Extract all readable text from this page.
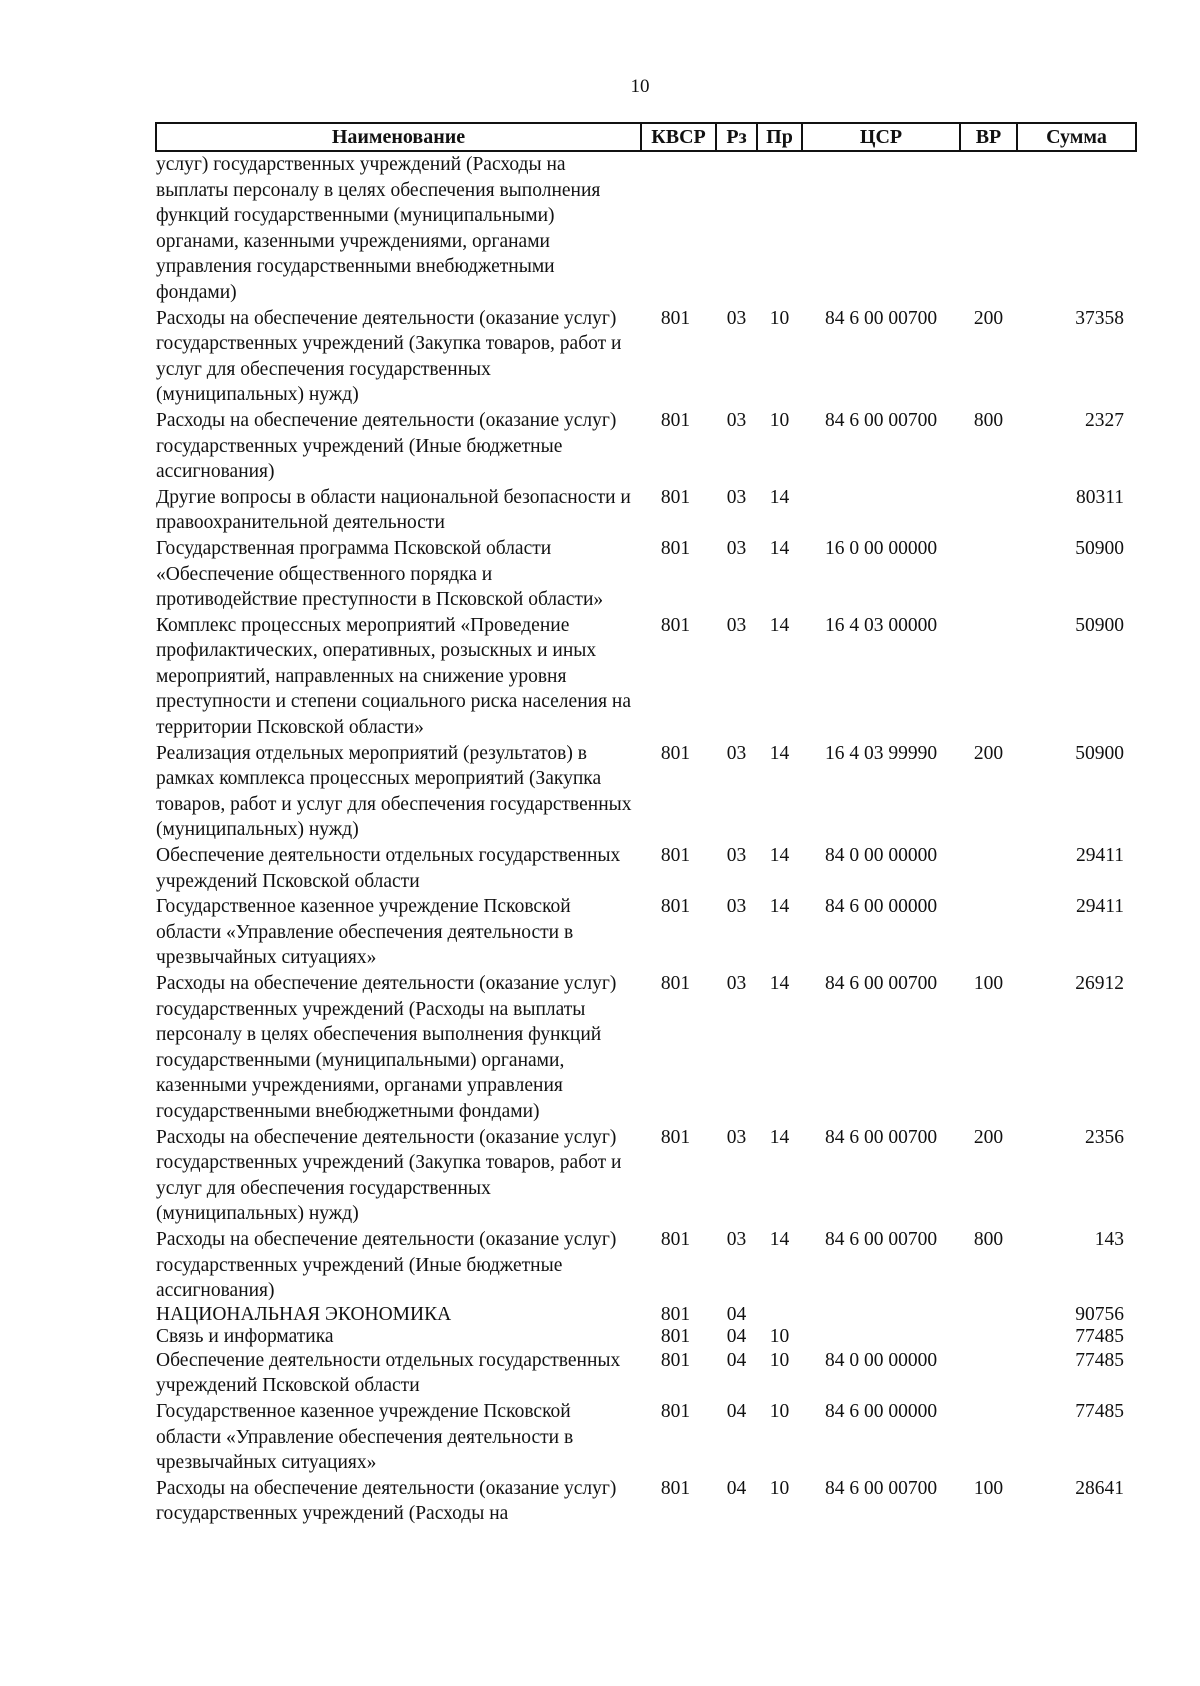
10
Наименование	КВСР	Рз	Пр	ЦСР	ВР	Сумма
услуг) государственных учреждений (Расходы на выплаты персоналу в целях обеспечения выполнения функций государственными (муниципальными) органами, казенными учреждениями, органами управления государственными внебюджетными фондами)						
Расходы на обеспечение деятельности (оказание услуг) государственных учреждений (Закупка товаров, работ и услуг для обеспечения государственных (муниципальных) нужд)	801	03	10	84 6 00 00700	200	37358
Расходы на обеспечение деятельности (оказание услуг) государственных учреждений (Иные бюджетные ассигнования)	801	03	10	84 6 00 00700	800	2327
Другие вопросы в области национальной безопасности и правоохранительной деятельности	801	03	14			80311
Государственная программа Псковской области «Обеспечение общественного порядка и противодействие преступности в Псковской области»	801	03	14	16 0 00 00000		50900
Комплекс процессных мероприятий «Проведение профилактических, оперативных, розыскных и иных мероприятий, направленных на снижение уровня преступности и степени социального риска населения на территории Псковской области»	801	03	14	16 4 03 00000		50900
Реализация отдельных мероприятий (результатов) в рамках комплекса процессных мероприятий (Закупка товаров, работ и услуг для обеспечения государственных (муниципальных) нужд)	801	03	14	16 4 03 99990	200	50900
Обеспечение деятельности отдельных государственных учреждений Псковской области	801	03	14	84 0 00 00000		29411
Государственное казенное учреждение Псковской области «Управление обеспечения деятельности в чрезвычайных ситуациях»	801	03	14	84 6 00 00000		29411
Расходы на обеспечение деятельности (оказание услуг) государственных учреждений (Расходы на выплаты персоналу в целях обеспечения выполнения функций государственными (муниципальными) органами, казенными учреждениями, органами управления государственными внебюджетными фондами)	801	03	14	84 6 00 00700	100	26912
Расходы на обеспечение деятельности (оказание услуг) государственных учреждений (Закупка товаров, работ и услуг для обеспечения государственных (муниципальных) нужд)	801	03	14	84 6 00 00700	200	2356
Расходы на обеспечение деятельности (оказание услуг) государственных учреждений (Иные бюджетные ассигнования)	801	03	14	84 6 00 00700	800	143
НАЦИОНАЛЬНАЯ ЭКОНОМИКА	801	04				90756
Связь и информатика	801	04	10			77485
Обеспечение деятельности отдельных государственных учреждений Псковской области	801	04	10	84 0 00 00000		77485
Государственное казенное учреждение Псковской области «Управление обеспечения деятельности в чрезвычайных ситуациях»	801	04	10	84 6 00 00000		77485
Расходы на обеспечение деятельности (оказание услуг) государственных учреждений (Расходы на	801	04	10	84 6 00 00700	100	28641
